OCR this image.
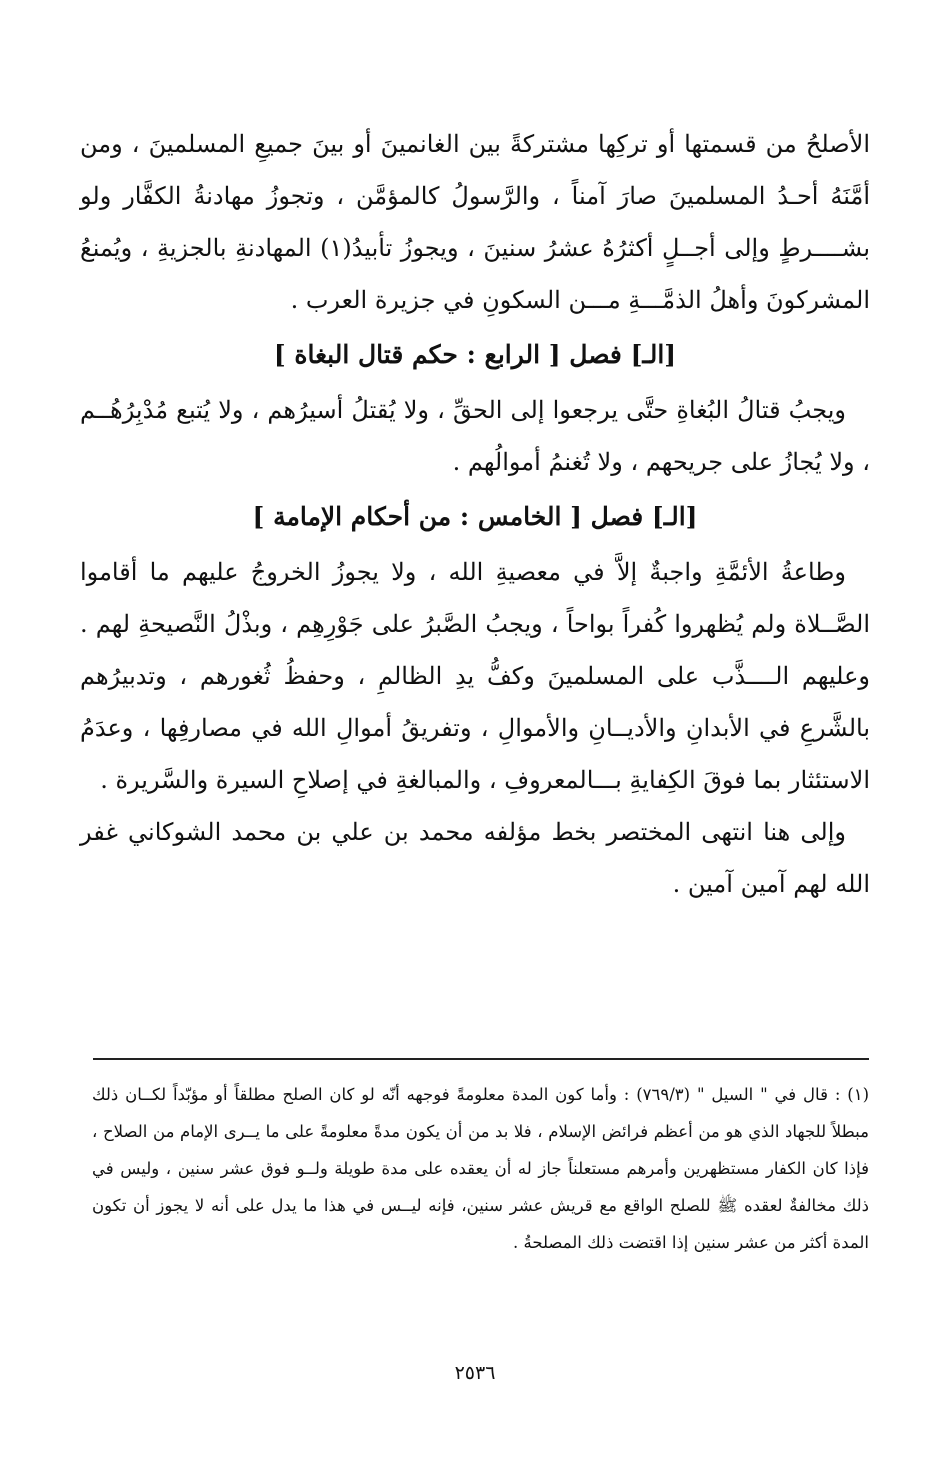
الأصلحُ من قسمتها أو تركِها مشتركةً بين الغانمينَ أو بينَ جميعِ المسلمينَ ، ومن أمَّنَهُ أحـدُ المسلمينَ صارَ آمناً ، والرَّسولُ كالمؤمَّن ، وتجوزُ مهادنةُ الكفَّار ولو بشــــرطٍ وإلى أجــلٍ أكثرُهُ عشرُ سنينَ ، ويجوزُ تأبيدُ(١) المهادنةِ بالجزيةِ ، ويُمنعُ المشركونَ وأهلُ الذمَّـــةِ مـــن السكونِ في جزيرة العرب .

[الـ] فصل [ الرابع : حكم قتال البغاة ]

ويجبُ قتالُ البُغاةِ حتَّى يرجعوا إلى الحقِّ ، ولا يُقتلُ أسيرُهم ، ولا يُتبع مُدْبِرُهُــم ، ولا يُجازُ على جريحهم ، ولا تُغنمُ أموالُهم .

[الـ] فصل [ الخامس : من أحكام الإمامة ]

وطاعةُ الأئمَّةِ واجبةٌ إلاَّ في معصيةِ الله ، ولا يجوزُ الخروجُ عليهم ما أقاموا الصَّــلاة ولم يُظهروا كُفراً بواحاً ، ويجبُ الصَّبرُ على جَوْرِهِم ، وبذْلُ النَّصيحةِ لهم . وعليهم الــــذَّب على المسلمينَ وكفُّ يدِ الظالمِ ، وحفظُ ثُغورهم ، وتدبيرُهم بالشَّرعِ في الأبدانِ والأديــانِ والأموالِ ، وتفريقُ أموالِ الله في مصارفِها ، وعدَمُ الاستئثار بما فوقَ الكِفايةِ بـــالمعروفِ ، والمبالغةِ في إصلاحِ السيرة والسَّريرة .

وإلى هنا انتهى المختصر بخط مؤلفه محمد بن علي بن محمد الشوكاني غفر الله لهم آمين آمين .

(١) : قال في " السيل " (٧٦٩/٣) : وأما كون المدة معلومةً فوجهه أنّه لو كان الصلح مطلقاً أو مؤبّداً لكــان ذلك مبطلاً للجهاد الذي هو من أعظم فرائض الإسلام ، فلا بد من أن يكون مدةً معلومةً على ما يــرى الإمام من الصلاح ، فإذا كان الكفار مستظهرين وأمرهم مستعلناً جاز له أن يعقده على مدة طويلة ولــو فوق عشر سنين ، وليس في ذلك مخالفةٌ لعقده ﷺ للصلح الواقع مع قريش عشر سنين، فإنه ليــس في هذا ما يدل على أنه لا يجوز أن تكون المدة أكثر من عشر سنين إذا اقتضت ذلك المصلحةُ .

٢٥٣٦
